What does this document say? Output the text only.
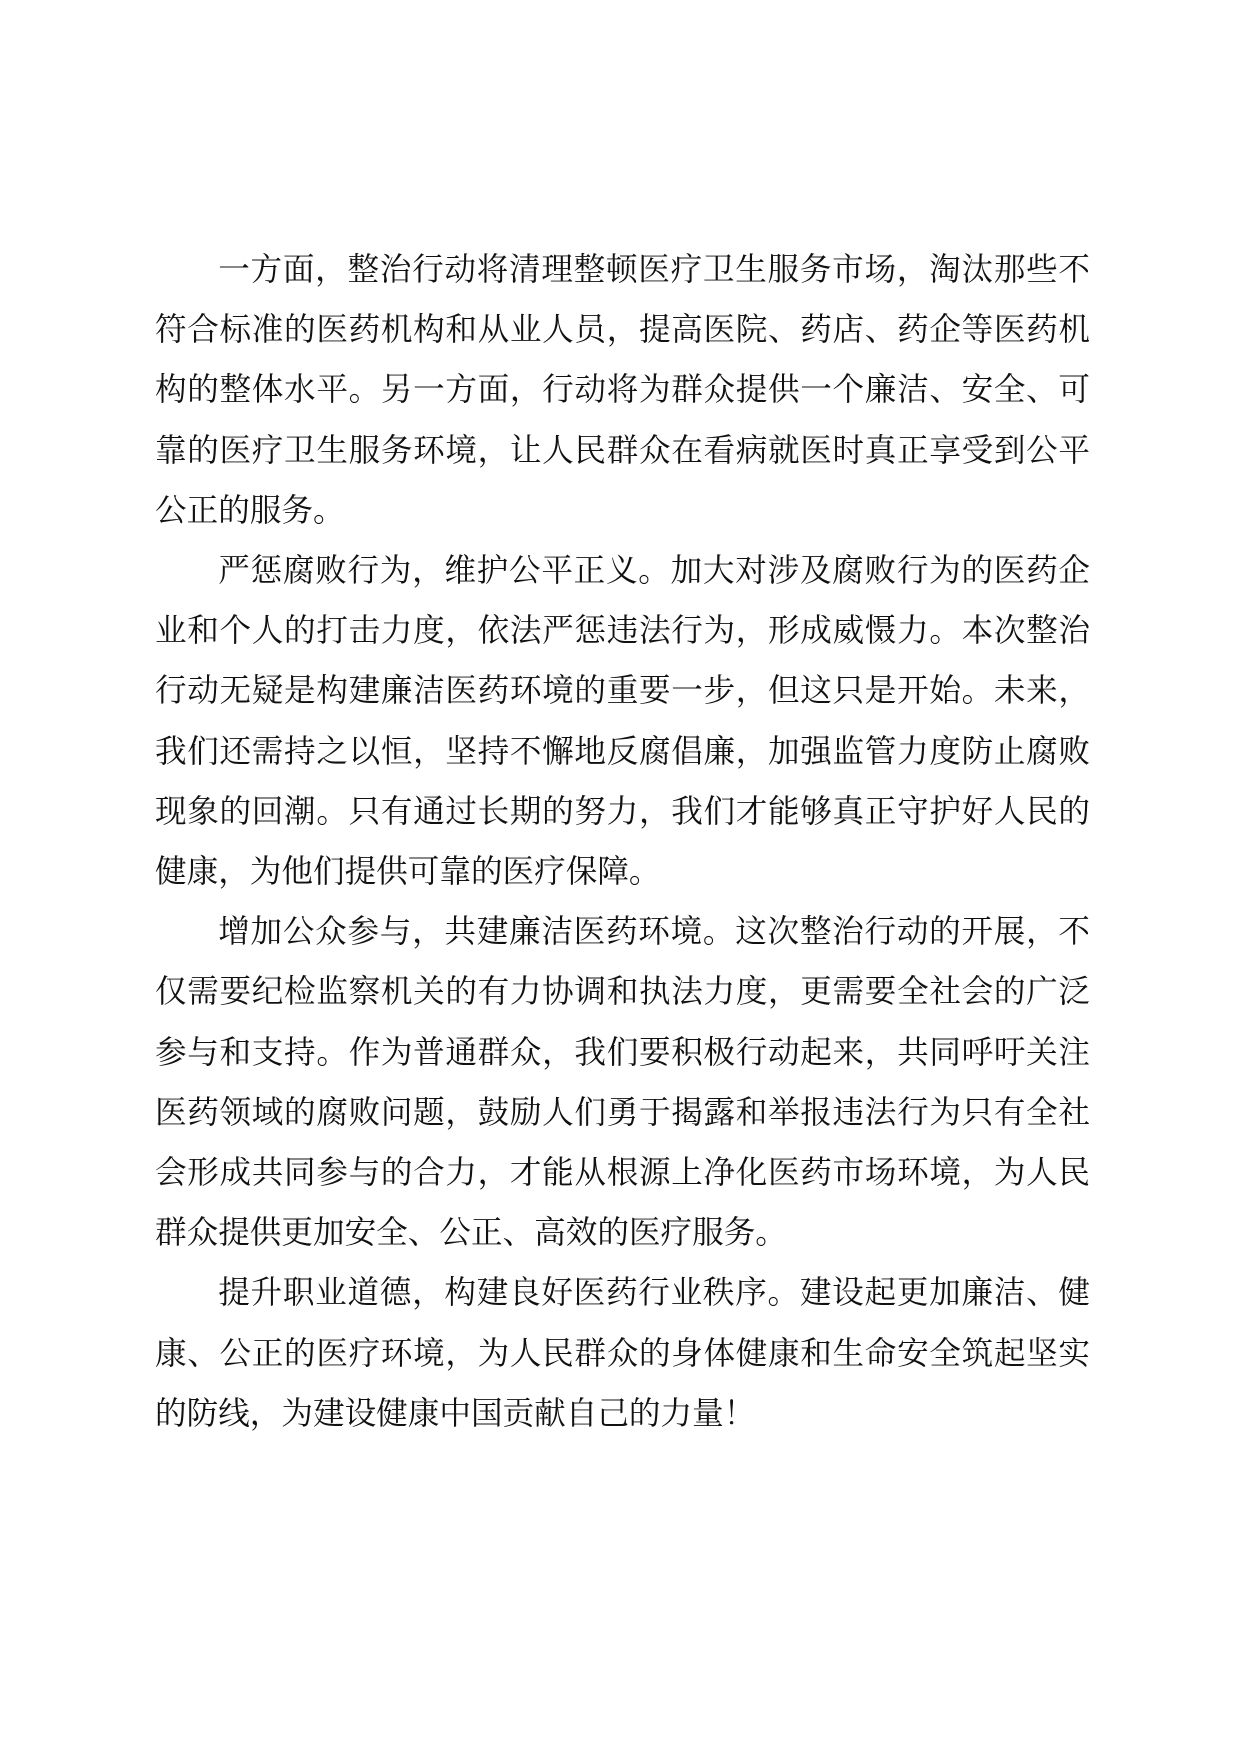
一方面，整治行动将清理整顿医疗卫生服务市场，淘汰那些不符合标准的医药机构和从业人员，提高医院、药店、药企等医药机构的整体水平。另一方面，行动将为群众提供一个廉洁、安全、可靠的医疗卫生服务环境，让人民群众在看病就医时真正享受到公平公正的服务。

严惩腐败行为，维护公平正义。加大对涉及腐败行为的医药企业和个人的打击力度，依法严惩违法行为，形成威慑力。本次整治行动无疑是构建廉洁医药环境的重要一步，但这只是开始。未来，我们还需持之以恒，坚持不懈地反腐倡廉，加强监管力度防止腐败现象的回潮。只有通过长期的努力，我们才能够真正守护好人民的健康，为他们提供可靠的医疗保障。

增加公众参与，共建廉洁医药环境。这次整治行动的开展，不仅需要纪检监察机关的有力协调和执法力度，更需要全社会的广泛参与和支持。作为普通群众，我们要积极行动起来，共同呼吁关注医药领域的腐败问题，鼓励人们勇于揭露和举报违法行为只有全社会形成共同参与的合力，才能从根源上净化医药市场环境，为人民群众提供更加安全、公正、高效的医疗服务。

提升职业道德，构建良好医药行业秩序。建设起更加廉洁、健康、公正的医疗环境，为人民群众的身体健康和生命安全筑起坚实的防线，为建设健康中国贡献自己的力量！
